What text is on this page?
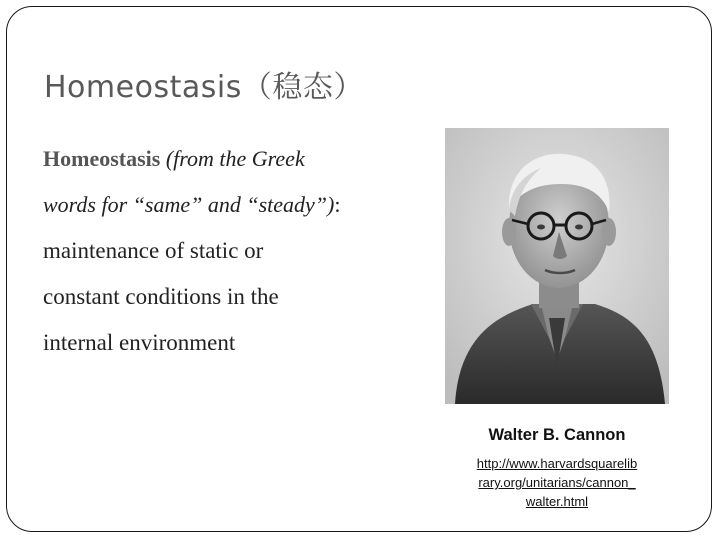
Homeostasis（稳态）
Homeostasis (from the Greek
words for “same” and “steady”):
maintenance of static or
constant conditions in the
internal environment
Walter B. Cannon
http://www.harvardsquarelib
rary.org/unitarians/cannon_
walter.html
